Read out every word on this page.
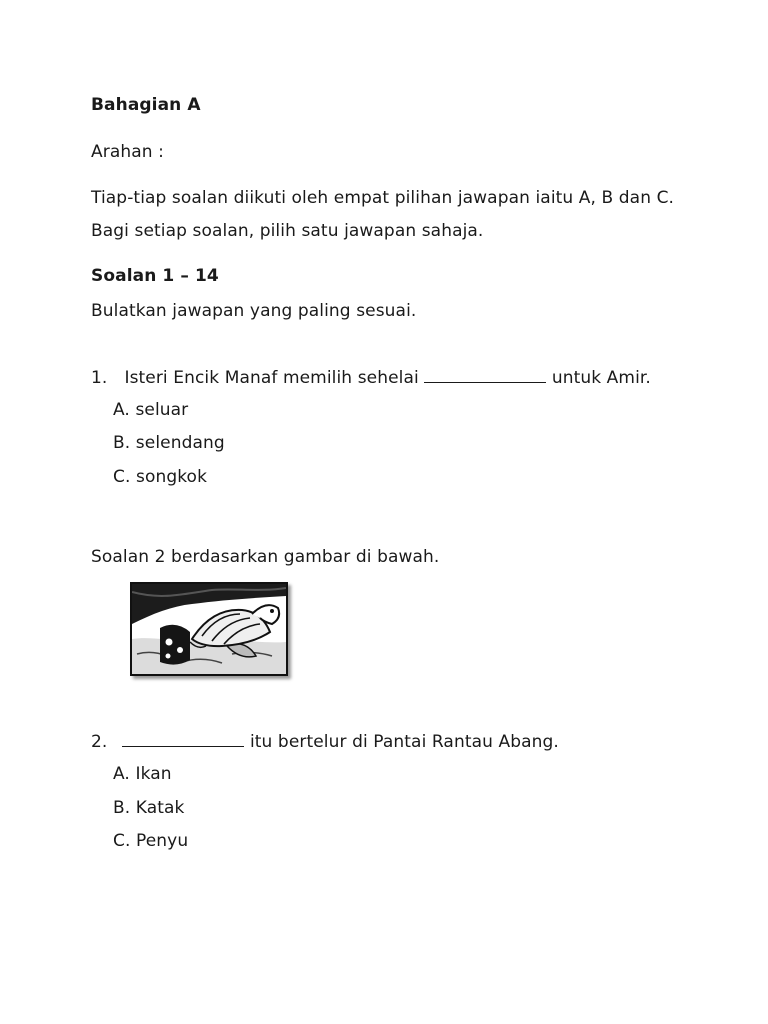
Bahagian A
Arahan :
Tiap-tiap soalan diikuti oleh empat pilihan jawapan iaitu A, B dan C.
Bagi setiap soalan, pilih satu jawapan sahaja.
Soalan 1 – 14
Bulatkan jawapan yang paling sesuai.
1. Isteri Encik Manaf memilih sehelai	untuk Amir.
A. seluar
B. selendang
C. songkok
Soalan 2 berdasarkan gambar di bawah.
2.	itu bertelur di Pantai Rantau Abang.
A. Ikan
B. Katak
C. Penyu
